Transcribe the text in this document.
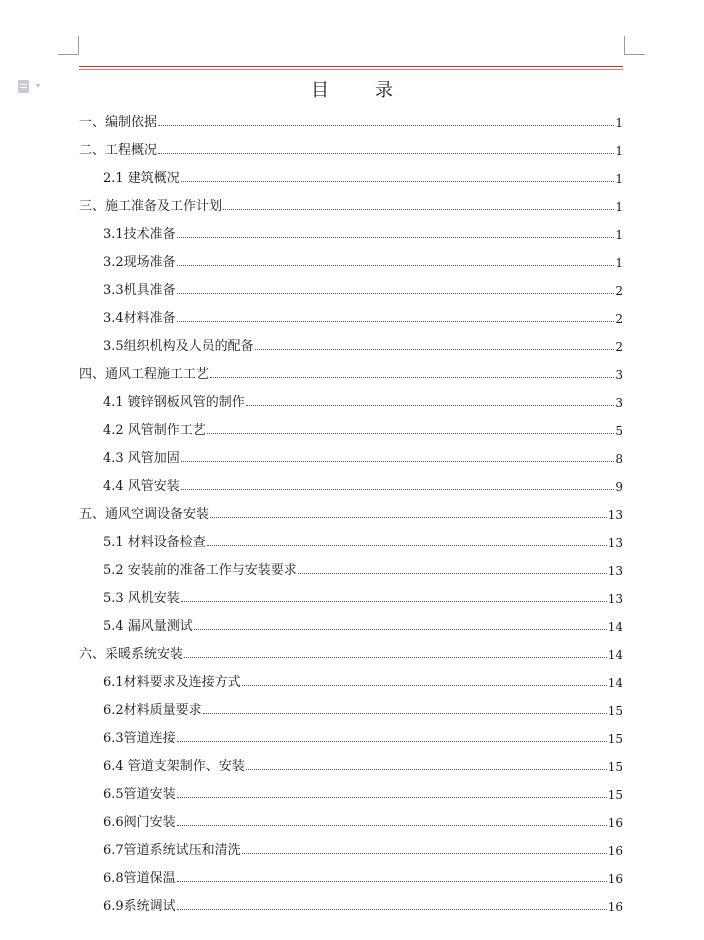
▾	目	录
一、编制依据	1
二、工程概况	1
2.1 建筑概况	1
三、施工准备及工作计划	1
3.1技术准备	1
3.2现场准备	1
3.3机具准备	2
3.4材料准备	2
3.5组织机构及人员的配备	2
四、通风工程施工工艺	3
4.1 镀锌钢板风管的制作	3
4.2 风管制作工艺	5
4.3 风管加固	8
4.4 风管安装	9
五、通风空调设备安装	13
5.1 材料设备检查	13
5.2 安装前的准备工作与安装要求	13
5.3 风机安装	13
5.4 漏风量测试	14
六、采暖系统安装	14
6.1材料要求及连接方式	14
6.2材料质量要求	15
6.3管道连接	15
6.4 管道支架制作、安装	15
6.5管道安装	15
6.6阀门安装	16
6.7管道系统试压和清洗	16
6.8管道保温	16
6.9系统调试	16
